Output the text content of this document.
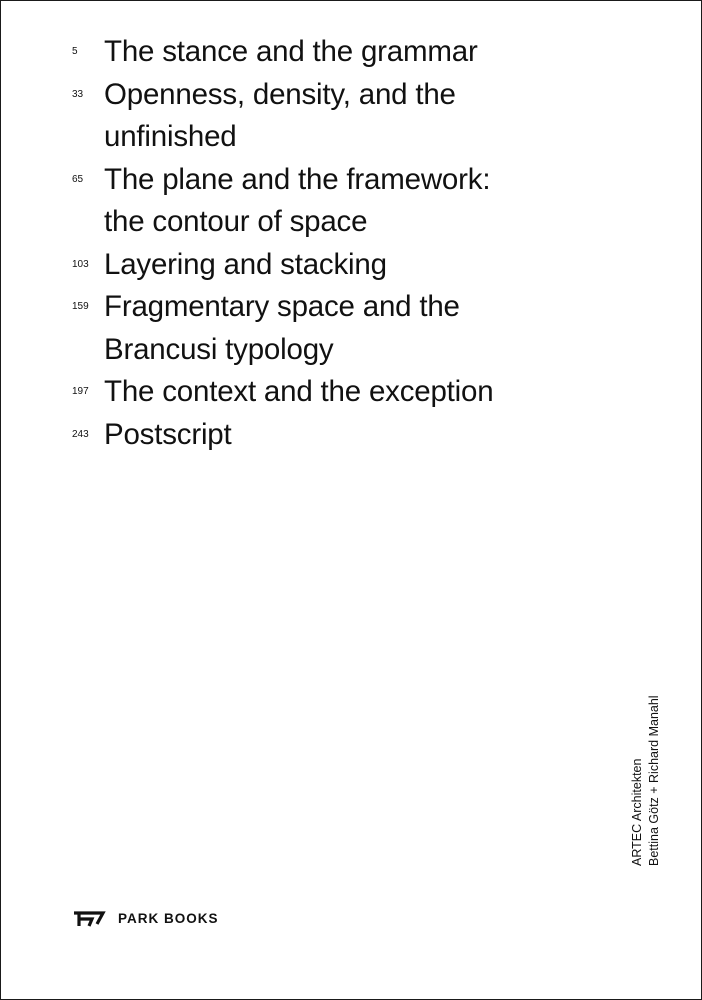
5 The stance and the grammar
33 Openness, density, and the
unfinished
65 The plane and the framework:
the contour of space
103 Layering and stacking
159 Fragmentary space and the
Brancusi typology
197 The context and the exception
243 Postscript
ARTEC Architekten Bettina Götz + Richard Manahl
PARK BOOKS
